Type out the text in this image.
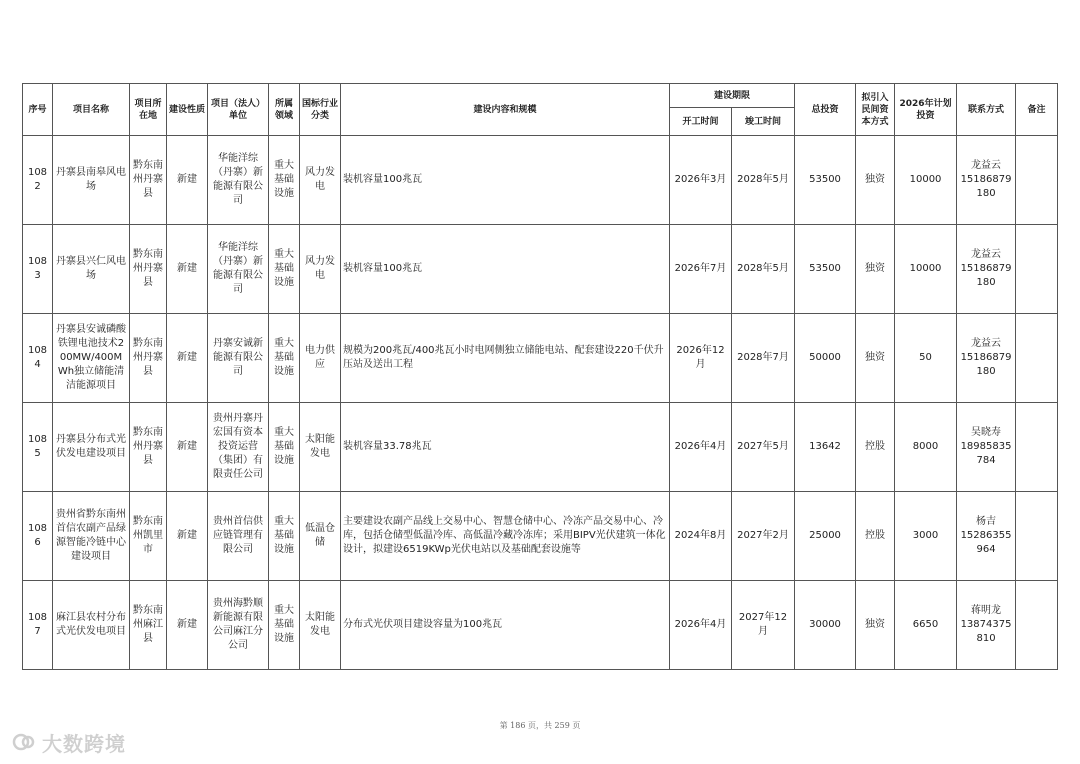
序号	项目名称	项目所在地	建设性质	项目（法人）单位	所属领域	国标行业分类	建设内容和规模	建设期限		总投资	拟引入民间资本方式	2026年计划投资	联系方式	备注
								开工时间	竣工时间					
1082	丹寨县南皋风电场	黔东南州丹寨县	新建	华能洋综（丹寨）新能源有限公司	重大基础设施	风力发电	装机容量100兆瓦	2026年3月	2028年5月	53500	独资	10000	龙益云
15186879180	
1083	丹寨县兴仁风电场	黔东南州丹寨县	新建	华能洋综（丹寨）新能源有限公司	重大基础设施	风力发电	装机容量100兆瓦	2026年7月	2028年5月	53500	独资	10000	龙益云
15186879180	
1084	丹寨县安诚磷酸铁锂电池技术200MW/400MWh独立储能清洁能源项目	黔东南州丹寨县	新建	丹寨安诚新能源有限公司	重大基础设施	电力供应	规模为200兆瓦/400兆瓦小时电网侧独立储能电站、配套建设220千伏升压站及送出工程	2026年12月	2028年7月	50000	独资	50	龙益云
15186879180	
1085	丹寨县分布式光伏发电建设项目	黔东南州丹寨县	新建	贵州丹寨丹宏国有资本投资运营（集团）有限责任公司	重大基础设施	太阳能发电	装机容量33.78兆瓦	2026年4月	2027年5月	13642	控股	8000	吴晓寿
18985835784	
1086	贵州省黔东南州首信农副产品绿源智能冷链中心建设项目	黔东南州凯里市	新建	贵州首信供应链管理有限公司	重大基础设施	低温仓储	主要建设农副产品线上交易中心、智慧仓储中心、冷冻产品交易中心、冷库，包括仓储型低温冷库、高低温冷藏冷冻库；采用BIPV光伏建筑一体化设计，拟建设6519KWp光伏电站以及基础配套设施等	2024年8月	2027年2月	25000	控股	3000	杨吉
15286355964	
1087	麻江县农村分布式光伏发电项目	黔东南州麻江县	新建	贵州海黔顺新能源有限公司麻江分公司	重大基础设施	太阳能发电	分布式光伏项目建设容量为100兆瓦	2026年4月	2027年12月	30000	独资	6650	蒋明龙
13874375810	
第 186 页，共 259 页
大数跨境
